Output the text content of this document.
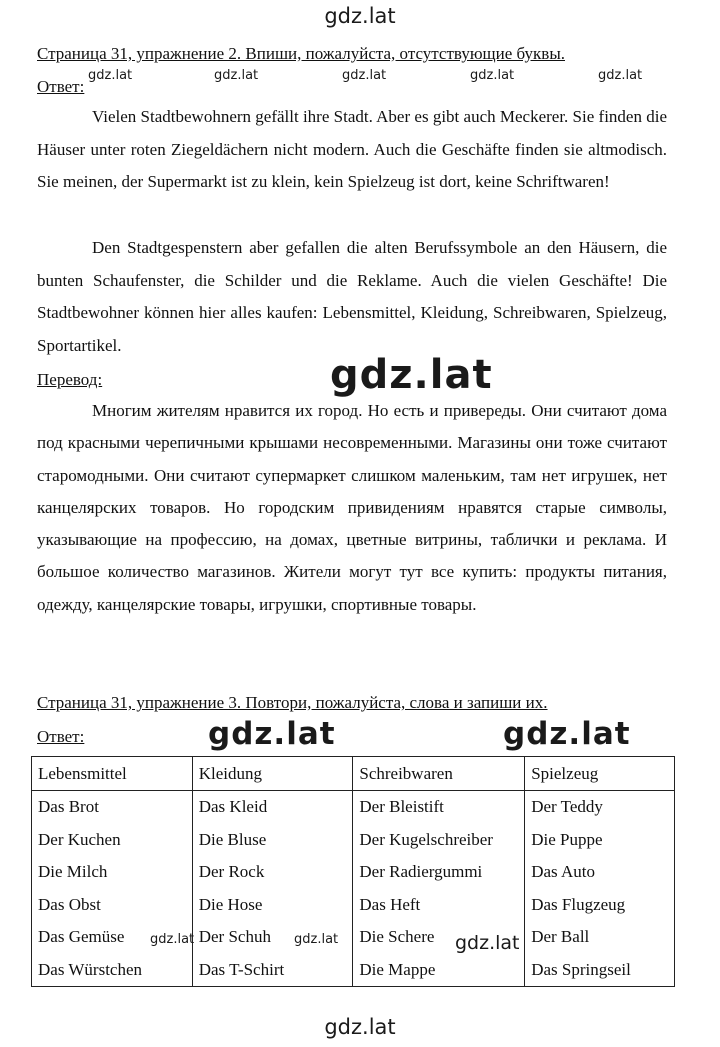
gdz.lat
gdz.lat	gdz.lat	gdz.lat	gdz.lat	gdz.lat
Страница 31, упражнение 2. Впиши, пожалуйста, отсутствующие буквы.
Ответ:
Vielen Stadtbewohnern gefällt ihre Stadt. Aber es gibt auch Meckerer. Sie finden die Häuser unter roten Ziegeldächern nicht modern. Auch die Geschäfte finden sie altmodisch. Sie meinen, der Supermarkt ist zu klein, kein Spielzeug ist dort, keine Schriftwaren!
Den Stadtgespenstern aber gefallen die alten Berufssymbole an den Häusern, die bunten Schaufenster, die Schilder und die Reklame. Auch die vielen Geschäfte! Die Stadtbewohner können hier alles kaufen: Lebensmittel, Kleidung, Schreibwaren, Spielzeug, Sportartikel.
gdz.lat
Перевод:
Многим жителям нравится их город. Но есть и привереды. Они считают дома под красными черепичными крышами несовременными. Магазины они тоже считают старомодными. Они считают супермаркет слишком маленьким, там нет игрушек, нет канцелярских товаров. Но городским привидениям нравятся старые символы, указывающие на профессию, на домах, цветные витрины, таблички и реклама. И большое количество магазинов. Жители могут тут все купить: продукты питания, одежду, канцелярские товары, игрушки, спортивные товары.
Страница 31, упражнение 3. Повтори, пожалуйста, слова и запиши их.
Ответ:	gdz.lat	gdz.lat
Lebensmittel	Kleidung	Schreibwaren	Spielzeug
Das Brot	Das Kleid	Der Bleistift	Der Teddy
Der Kuchen	Die Bluse	Der Kugelschreiber	Die Puppe
Die Milch	Der Rock	Der Radiergummi	Das Auto
Das Obst	Die Hose	Das Heft	Das Flugzeug
Das Gemüse	Der Schuh	Die Schere	Der Ball
Das Würstchen	Das T-Schirt	Die Mappe	Das Springseil
gdz.lat	gdz.lat	gdz.lat
gdz.lat
